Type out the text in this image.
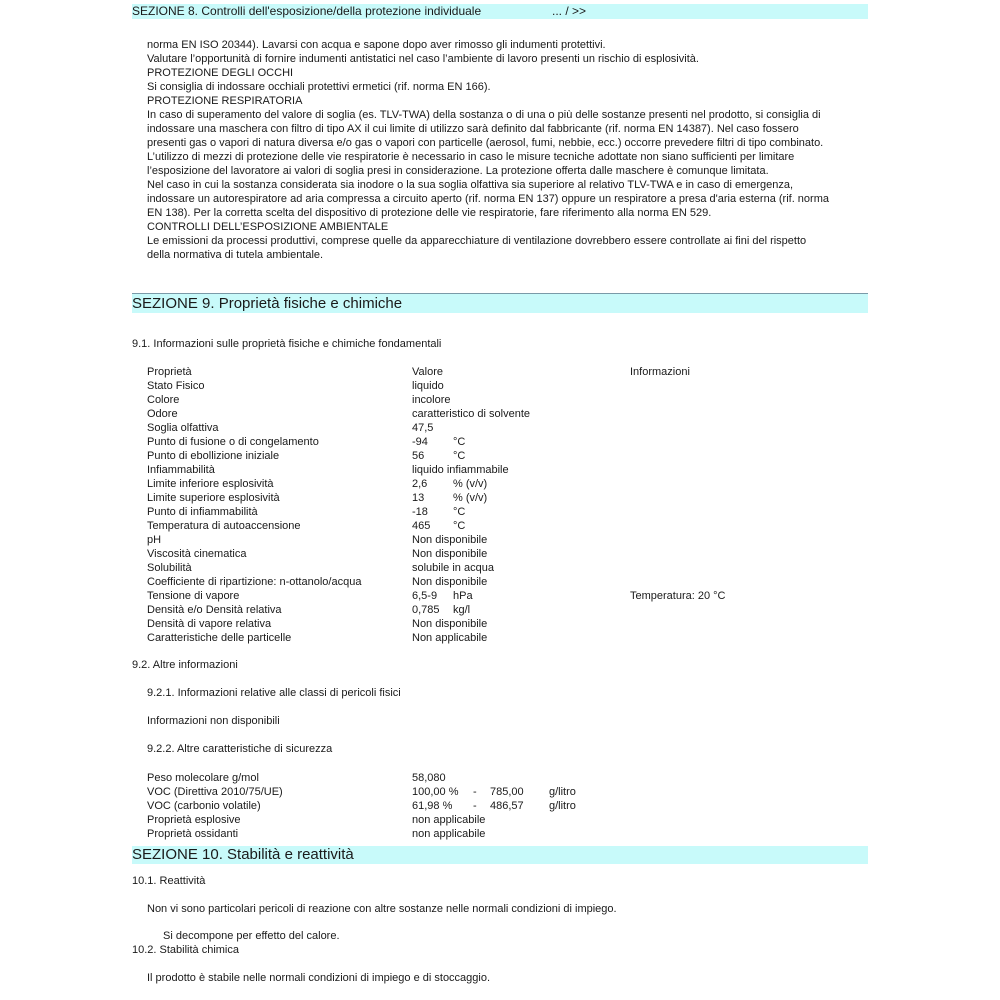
SEZIONE 8. Controlli dell'esposizione/della protezione individuale	... / >>
norma EN ISO 20344). Lavarsi con acqua e sapone dopo aver rimosso gli indumenti protettivi.
Valutare l’opportunità di fornire indumenti antistatici nel caso l’ambiente di lavoro presenti un rischio di esplosività.
PROTEZIONE DEGLI OCCHI
Si consiglia di indossare occhiali protettivi ermetici (rif. norma EN 166).
PROTEZIONE RESPIRATORIA
In caso di superamento del valore di soglia (es. TLV-TWA) della sostanza o di una o più delle sostanze presenti nel prodotto, si consiglia di
indossare una maschera con filtro di tipo AX il cui limite di utilizzo sarà definito dal fabbricante (rif. norma EN 14387). Nel caso fossero
presenti gas o vapori di natura diversa e/o gas o vapori con particelle (aerosol, fumi, nebbie, ecc.) occorre prevedere filtri di tipo combinato.
L’utilizzo di mezzi di protezione delle vie respiratorie è necessario in caso le misure tecniche adottate non siano sufficienti per limitare
l’esposizione del lavoratore ai valori di soglia presi in considerazione. La protezione offerta dalle maschere è comunque limitata.
Nel caso in cui la sostanza considerata sia inodore o la sua soglia olfattiva sia superiore al relativo TLV-TWA e in caso di emergenza,
indossare un autorespiratore ad aria compressa a circuito aperto (rif. norma EN 137) oppure un respiratore a presa d'aria esterna (rif. norma
EN 138). Per la corretta scelta del dispositivo di protezione delle vie respiratorie, fare riferimento alla norma EN 529.
CONTROLLI DELL’ESPOSIZIONE AMBIENTALE
Le emissioni da processi produttivi, comprese quelle da apparecchiature di ventilazione dovrebbero essere controllate ai fini del rispetto
della normativa di tutela ambientale.
SEZIONE 9. Proprietà fisiche e chimiche
9.1. Informazioni sulle proprietà fisiche e chimiche fondamentali
Proprietà	Valore	Informazioni
Stato Fisico	liquido
Colore	incolore
Odore	caratteristico di solvente
Soglia olfattiva	47,5
Punto di fusione o di congelamento	-94 °C
Punto di ebollizione iniziale	56	°C
Infiammabilità	liquido infiammabile
Limite inferiore esplosività	2,6 % (v/v)
Limite superiore esplosività	13	% (v/v)
Punto di infiammabilità	-18 °C
Temperatura di autoaccensione	465 °C
pH	Non disponibile
Viscosità cinematica	Non disponibile
Solubilità	solubile in acqua
Coefficiente di ripartizione: n-ottanolo/acqua	Non disponibile
Tensione di vapore	6,5-9 hPa	Temperatura: 20 °C
Densità e/o Densità relativa	0,785 kg/l
Densità di vapore relativa	Non disponibile
Caratteristiche delle particelle	Non applicabile
9.2. Altre informazioni
9.2.1. Informazioni relative alle classi di pericoli fisici
Informazioni non disponibili
9.2.2. Altre caratteristiche di sicurezza
Peso molecolare g/mol	58,080
VOC (Direttiva 2010/75/UE)	100,00 % - 785,00 g/litro
VOC (carbonio volatile)	61,98 % - 486,57 g/litro
Proprietà esplosive	non applicabile
Proprietà ossidanti	non applicabile
SEZIONE 10. Stabilità e reattività
10.1. Reattività
Non vi sono particolari pericoli di reazione con altre sostanze nelle normali condizioni di impiego.
Si decompone per effetto del calore.
10.2. Stabilità chimica
Il prodotto è stabile nelle normali condizioni di impiego e di stoccaggio.
